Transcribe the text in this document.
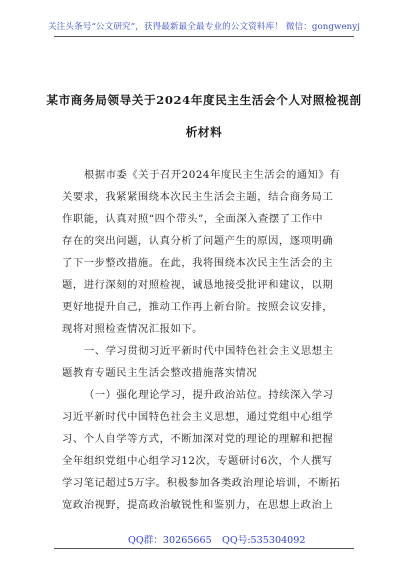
关注头条号“公文研究”，获得最新最全最专业的公文资料库！ 微信：gongwenyj
某市商务局领导关于2024年度民主生活会个人对照检视剖
析材料
根据市委《关于召开2024年度民主生活会的通知》有
关要求，我紧紧围绕本次民主生活会主题，结合商务局工
作职能，认真对照“四个带头”，全面深入查摆了工作中
存在的突出问题，认真分析了问题产生的原因，逐项明确
了下一步整改措施。在此，我将围绕本次民主生活会的主
题，进行深刻的对照检视，诚恳地接受批评和建议，以期
更好地提升自己，推动工作再上新台阶。按照会议安排，
现将对照检查情况汇报如下。
一、学习贯彻习近平新时代中国特色社会主义思想主
题教育专题民主生活会整改措施落实情况
（一）强化理论学习，提升政治站位。持续深入学习
习近平新时代中国特色社会主义思想，通过党组中心组学
习、个人自学等方式，不断加深对党的理论的理解和把握
全年组织党组中心组学习12次，专题研讨6次，个人撰写
学习笔记超过5万字。积极参加各类政治理论培训，不断拓
宽政治视野，提高政治敏锐性和鉴别力，在思想上政治上
QQ群：30265665 QQ号:535304092
